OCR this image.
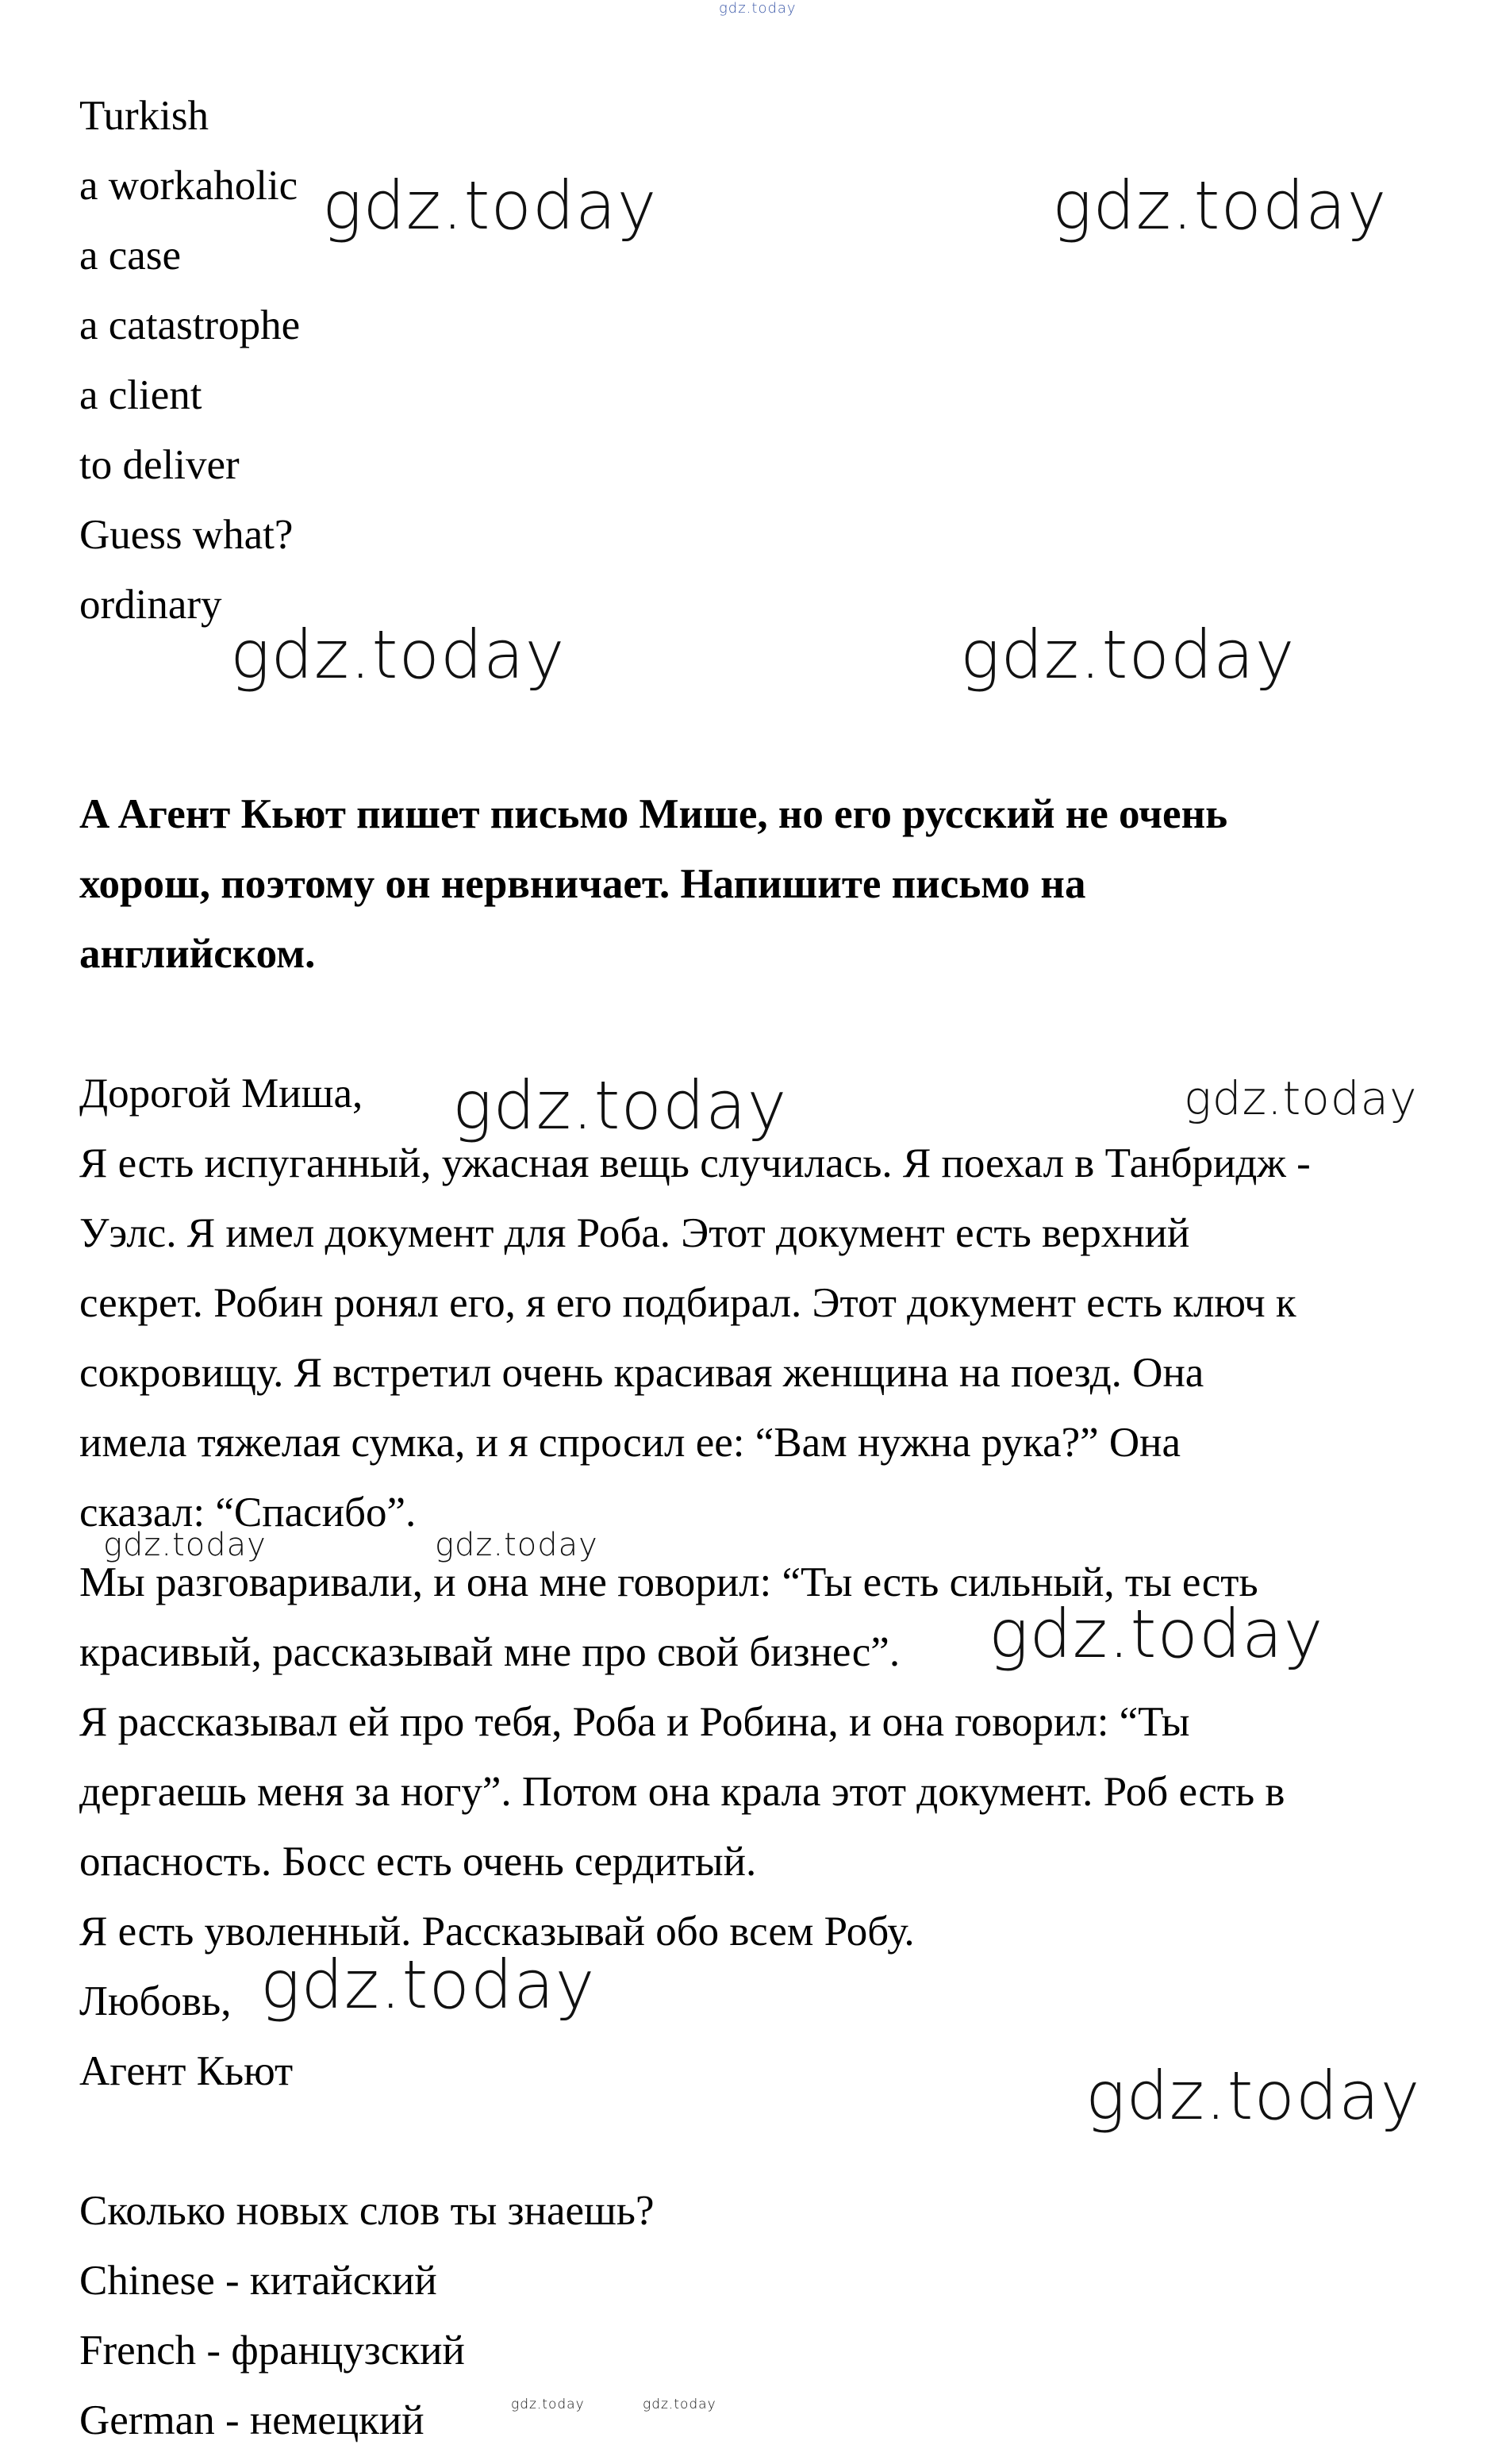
gdz.today
Turkish
a workaholic
a case
a catastrophe
a client
to deliver
Guess what?
ordinary
A Агент Кьют пишет письмо Мише, но его русский не очень
хорош, поэтому он нервничает. Напишите письмо на
английском.
Дорогой Миша,
Я есть испуганный, ужасная вещь случилась. Я поехал в Танбридж -
Уэлс. Я имел документ для Роба. Этот документ есть верхний
секрет. Робин ронял его, я его подбирал. Этот документ есть ключ к
сокровищу. Я встретил очень красивая женщина на поезд. Она
имела тяжелая сумка, и я спросил ее: “Вам нужна рука?” Она
сказал: “Спасибо”.
Мы разговаривали, и она мне говорил: “Ты есть сильный, ты есть
красивый, рассказывай мне про свой бизнес”.
Я рассказывал ей про тебя, Роба и Робина, и она говорил: “Ты
дергаешь меня за ногу”. Потом она крала этот документ. Роб есть в
опасность. Босс есть очень сердитый.
Я есть уволенный. Рассказывай обо всем Робу.
Любовь,
Агент Кьют
Сколько новых слов ты знаешь?
Chinese - китайский
French - французский
German - немецкий
gdz.today	gdz.today
gdz.today	gdz.today
gdz.today	gdz.today
gdz.today	gdz.today
gdz.today
gdz.today
gdz.today
gdz.today	gdz.today
